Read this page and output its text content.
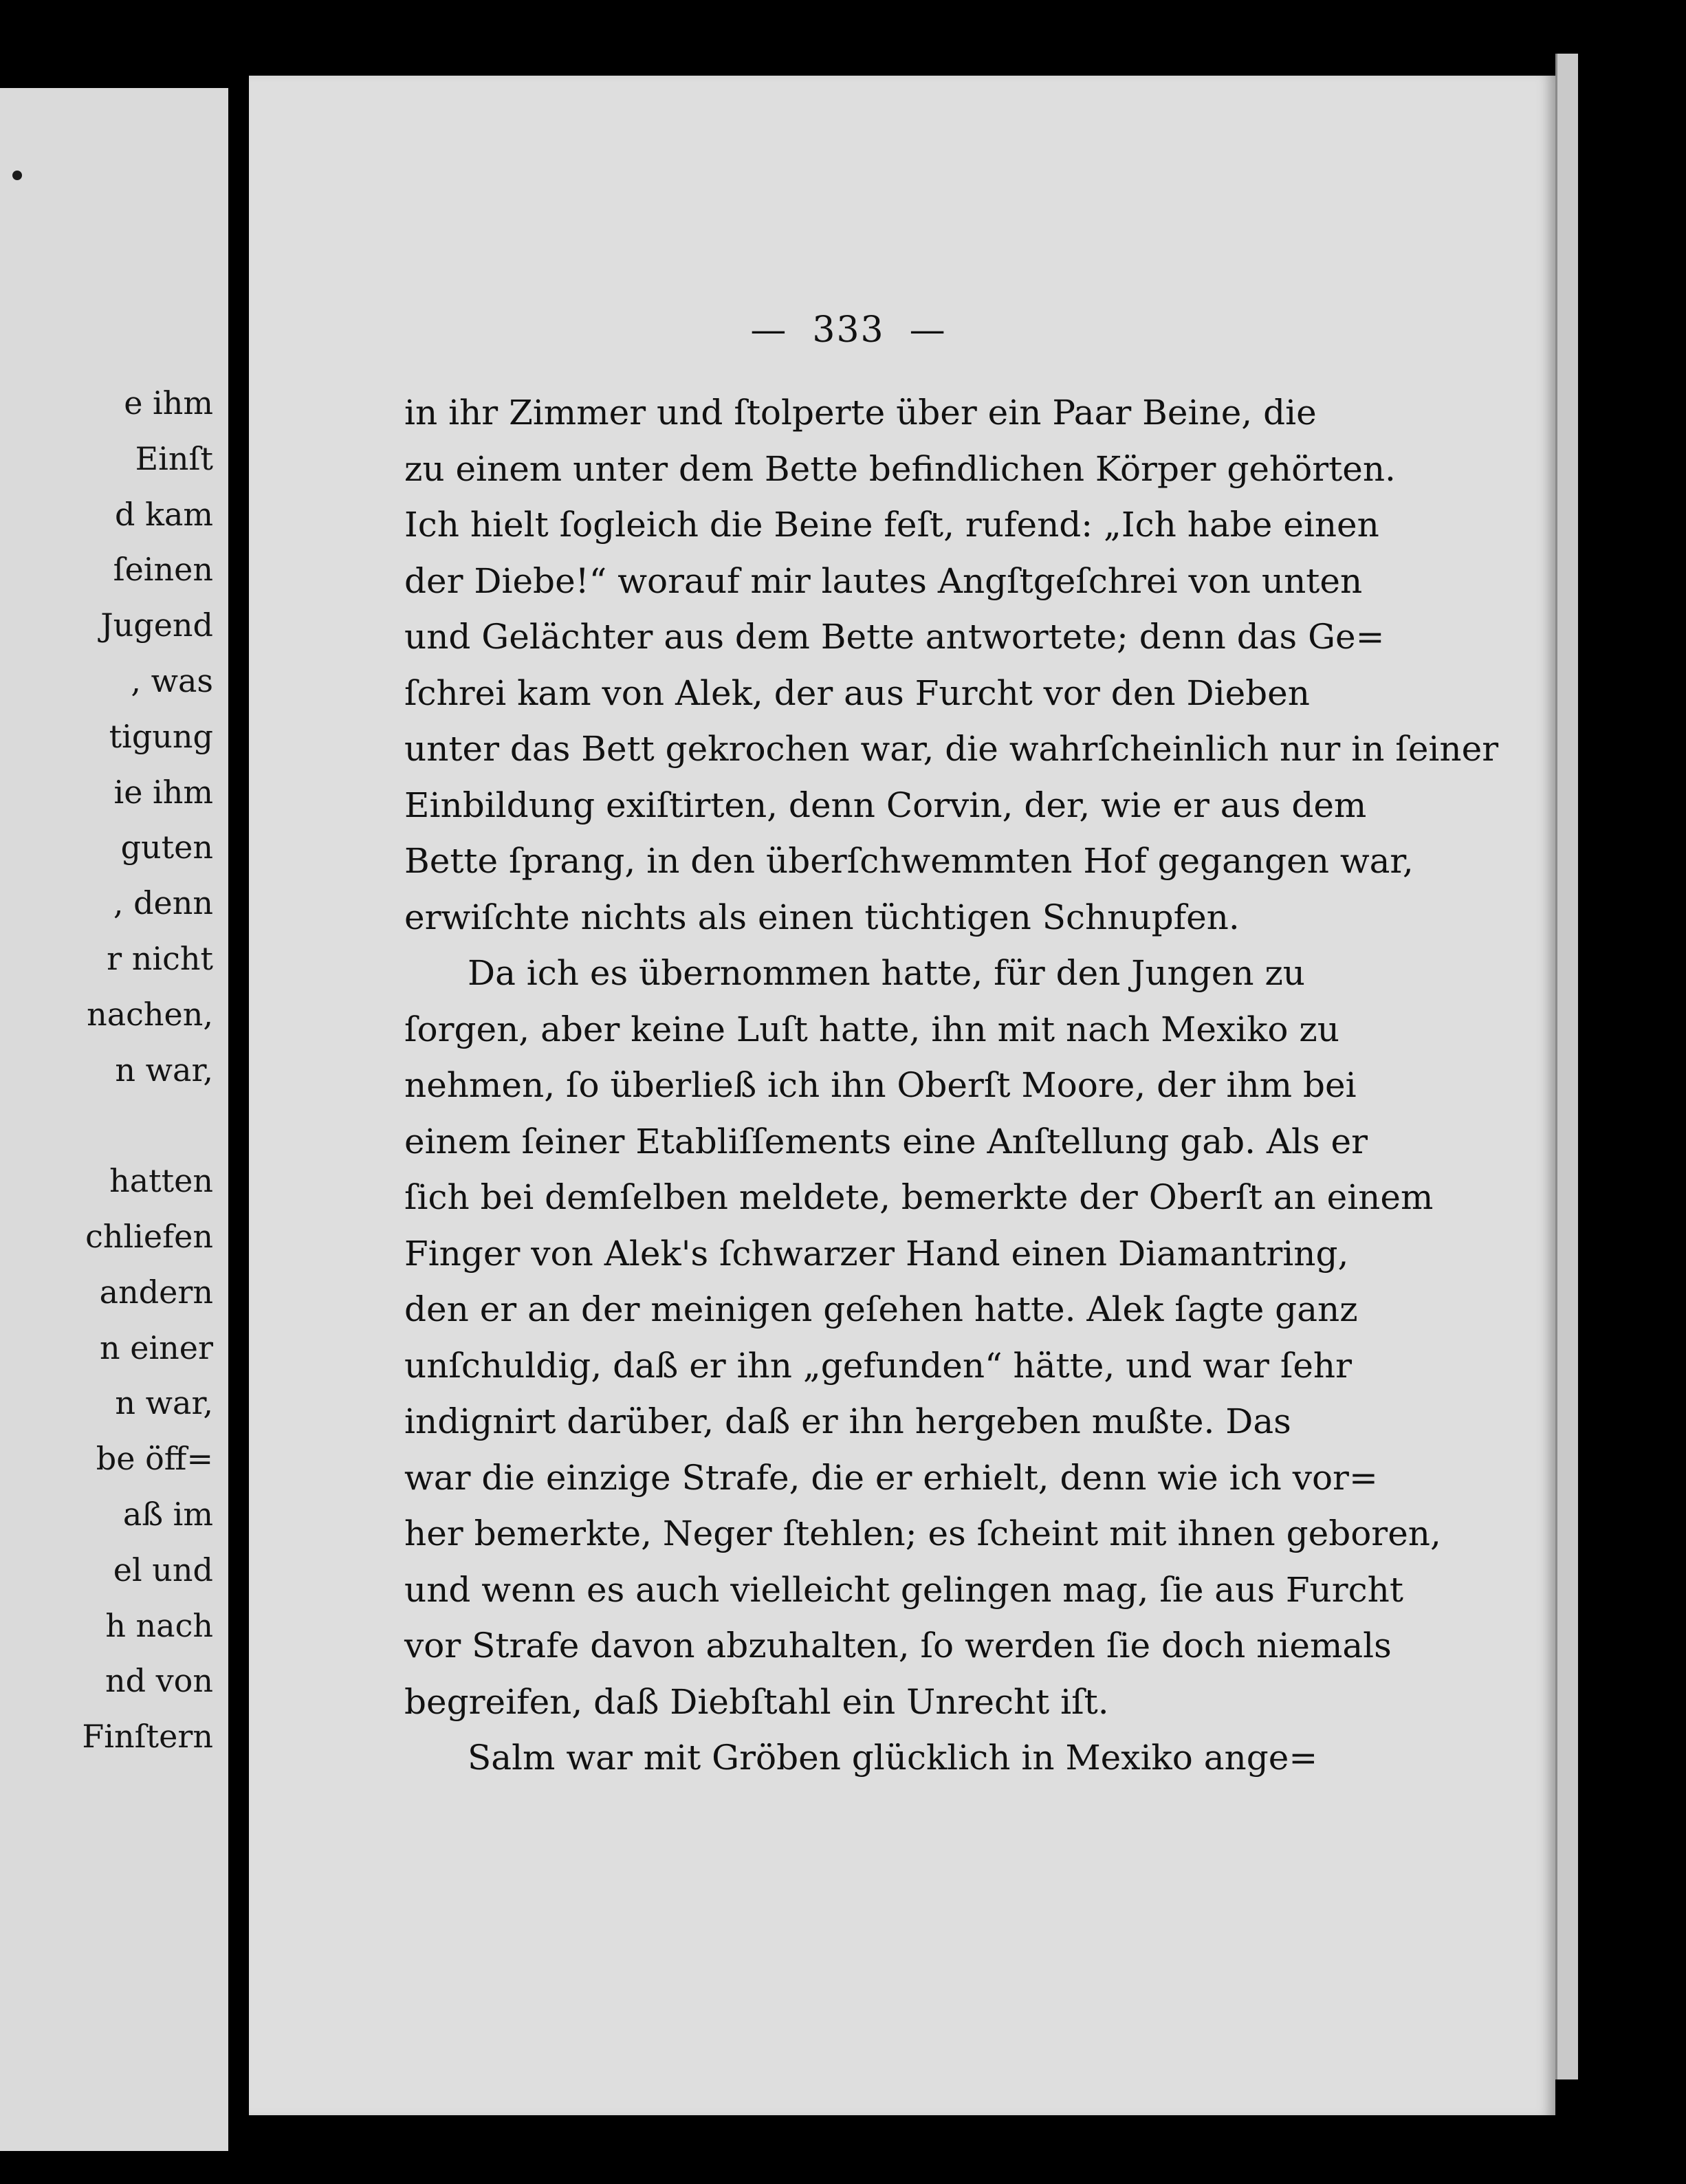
e ihm
Einſt
d kam
ſeinen
Jugend
, was
tigung
ie ihm
guten
, denn
r nicht
nachen,
n war,
hatten
chliefen
andern
n einer
n war,
be öff=
aß im
el und
h nach
nd von
Finſtern
— 333 —
in ihr Zimmer und ſtolperte über ein Paar Beine, die
zu einem unter dem Bette befindlichen Körper gehörten.
Ich hielt ſogleich die Beine feſt, rufend: „Ich habe einen
der Diebe!“ worauf mir lautes Angſtgeſchrei von unten
und Gelächter aus dem Bette antwortete; denn das Ge=
ſchrei kam von Alek, der aus Furcht vor den Dieben
unter das Bett gekrochen war, die wahrſcheinlich nur in ſeiner
Einbildung exiſtirten, denn Corvin, der, wie er aus dem
Bette ſprang, in den überſchwemmten Hof gegangen war,
erwiſchte nichts als einen tüchtigen Schnupfen.
Da ich es übernommen hatte, für den Jungen zu
ſorgen, aber keine Luſt hatte, ihn mit nach Mexiko zu
nehmen, ſo überließ ich ihn Oberſt Moore, der ihm bei
einem ſeiner Etabliſſements eine Anſtellung gab. Als er
ſich bei demſelben meldete, bemerkte der Oberſt an einem
Finger von Alek's ſchwarzer Hand einen Diamantring,
den er an der meinigen geſehen hatte. Alek ſagte ganz
unſchuldig, daß er ihn „gefunden“ hätte, und war ſehr
indignirt darüber, daß er ihn hergeben mußte. Das
war die einzige Strafe, die er erhielt, denn wie ich vor=
her bemerkte, Neger ſtehlen; es ſcheint mit ihnen geboren,
und wenn es auch vielleicht gelingen mag, ſie aus Furcht
vor Strafe davon abzuhalten, ſo werden ſie doch niemals
begreifen, daß Diebſtahl ein Unrecht iſt.
Salm war mit Gröben glücklich in Mexiko ange=
